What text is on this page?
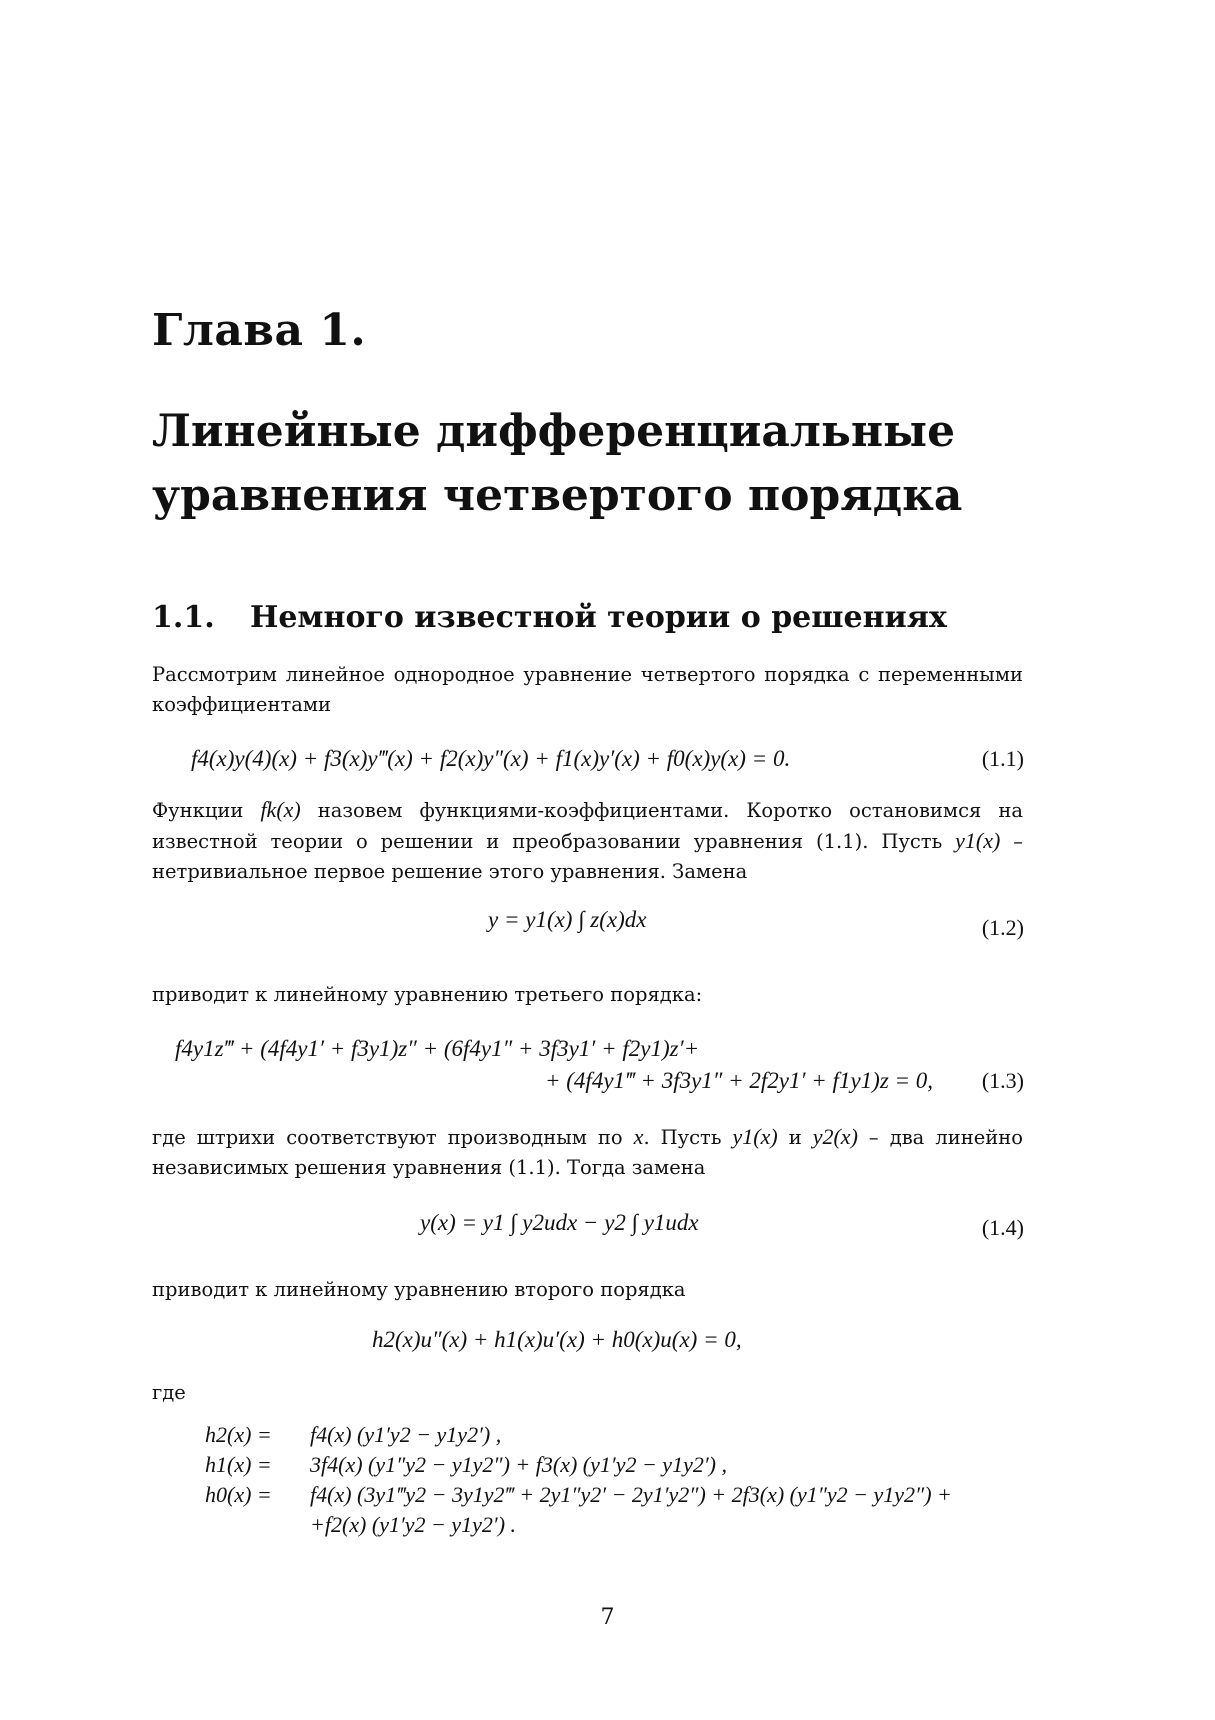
Глава 1.
Линейные дифференциальные уравнения четвертого порядка
1.1. Немного известной теории о решениях
Рассмотрим линейное однородное уравнение четвертого порядка с переменными коэффициентами
f4(x)y(4)(x) + f3(x)y‴(x) + f2(x)y″(x) + f1(x)y′(x) + f0(x)y(x) = 0.	(1.1)
Функции fk(x) назовем функциями-коэффициентами. Коротко остановимся на известной теории о решении и преобразовании уравнения (1.1). Пусть y1(x) – нетривиальное первое решение этого уравнения. Замена
y = y1(x) ∫ z(x)dx	(1.2)
приводит к линейному уравнению третьего порядка:
f4y1z‴ + (4f4y1′ + f3y1)z″ + (6f4y1″ + 3f3y1′ + f2y1)z′+
+ (4f4y1‴ + 3f3y1″ + 2f2y1′ + f1y1)z = 0, (1.3)
где штрихи соответствуют производным по x. Пусть y1(x) и y2(x) – два линейно независимых решения уравнения (1.1). Тогда замена
y(x) = y1 ∫ y2udx − y2 ∫ y1udx	(1.4)
приводит к линейному уравнению второго порядка
h2(x)u″(x) + h1(x)u′(x) + h0(x)u(x) = 0,
где
h2(x) =	f4(x) (y1′y2 − y1y2′) ,
h1(x) =	3f4(x) (y1″y2 − y1y2″) + f3(x) (y1′y2 − y1y2′) ,
h0(x) =	f4(x) (3y1‴y2 − 3y1y2‴ + 2y1″y2′ − 2y1′y2″) + 2f3(x) (y1″y2 − y1y2″) +
+f2(x) (y1′y2 − y1y2′) .
7
